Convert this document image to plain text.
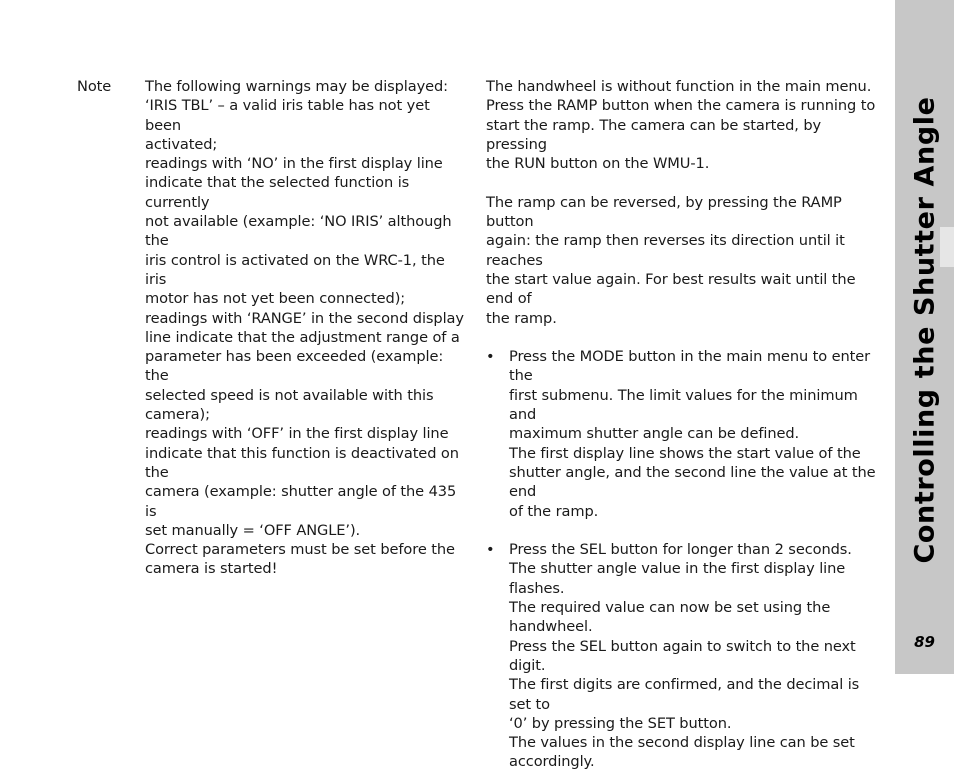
Note The following warnings may be displayed:
‘IRIS TBL’ – a valid iris table has not yet been
activated;
readings with ‘NO’ in the first display line
indicate that the selected function is currently
not available (example: ‘NO IRIS’ although the
iris control is activated on the WRC-1, the iris
motor has not yet been connected);
readings with ‘RANGE’ in the second display
line indicate that the adjustment range of a
parameter has been exceeded (example: the
selected speed is not available with this camera);
readings with ‘OFF’ in the first display line
indicate that this function is deactivated on the
camera (example: shutter angle of the 435 is
set manually = ‘OFF ANGLE’).
Correct parameters must be set before the
camera is started!
The handwheel is without function in the main menu.
Press the RAMP button when the camera is running to
start the ramp. The camera can be started, by pressing
the RUN button on the WMU-1.
The ramp can be reversed, by pressing the RAMP button
again: the ramp then reverses its direction until it reaches
the start value again. For best results wait until the end of
the ramp.
• Press the MODE button in the main menu to enter the
first submenu. The limit values for the minimum and
maximum shutter angle can be defined.
The first display line shows the start value of the
shutter angle, and the second line the value at the end
of the ramp.
• Press the SEL button for longer than 2 seconds.
The shutter angle value in the first display line flashes.
The required value can now be set using the handwheel.
Press the SEL button again to switch to the next digit.
The first digits are confirmed, and the decimal is set to
‘0’ by pressing the SET button.
The values in the second display line can be set
accordingly.
Controlling the Shutter Angle
89
